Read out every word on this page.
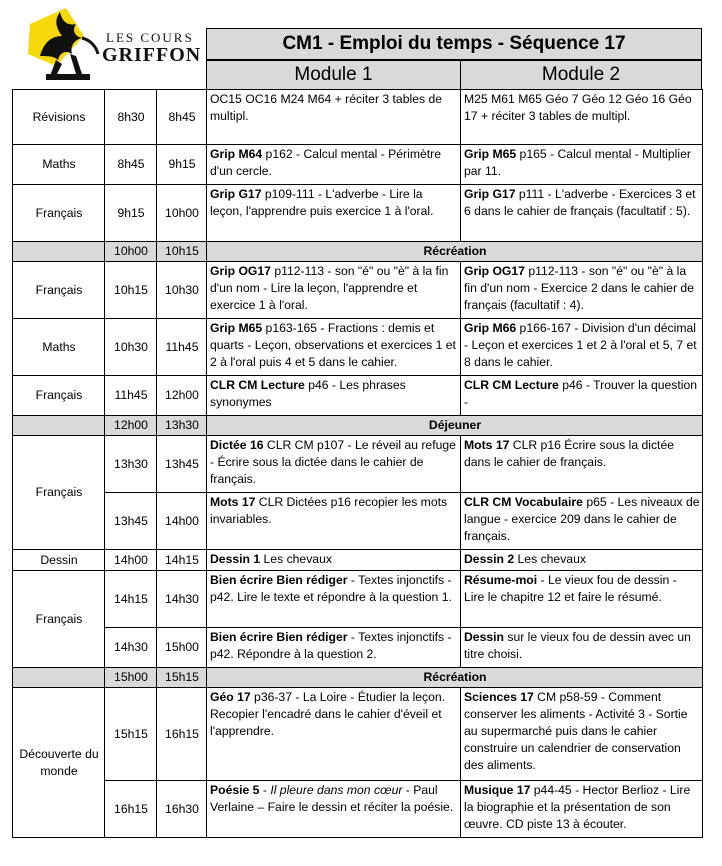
LES COURS
GRIFFON
CM1 - Emploi du temps - Séquence 17
Module 1	Module 2
Révisions	8h30	8h45	OC15 OC16 M24 M64 + réciter 3 tables de multipl.	M25 M61 M65 Géo 7 Géo 12 Géo 16 Géo 17 + réciter 3 tables de multipl.
Maths	8h45	9h15	Grip M64 p162 - Calcul mental - Périmètre d'un cercle.	Grip M65 p165 - Calcul mental - Multiplier par 11.
Français	9h15	10h00	Grip G17 p109-111 - L'adverbe - Lire la leçon, l'apprendre puis exercice 1 à l'oral.	Grip G17 p111 - L'adverbe - Exercices 3 et 6 dans le cahier de français (facultatif : 5).
	10h00	10h15	Récréation	
Français	10h15	10h30	Grip OG17 p112-113 - son "é" ou "è" à la fin d'un nom - Lire la leçon, l'apprendre et exercice 1 à l'oral.	Grip OG17 p112-113 - son "é" ou "è" à la fin d'un nom - Exercice 2 dans le cahier de français (facultatif : 4).
Maths	10h30	11h45	Grip M65 p163-165 - Fractions : demis et quarts - Leçon, observations et exercices 1 et 2 à l'oral puis 4 et 5 dans le cahier.	Grip M66 p166-167 - Division d'un décimal - Leçon et exercices 1 et 2 à l'oral et 5, 7 et 8 dans le cahier.
Français	11h45	12h00	CLR CM Lecture p46 - Les phrases synonymes	CLR CM Lecture p46 - Trouver la question -
	12h00	13h30	Déjeuner	
Français	13h30	13h45	Dictée 16 CLR CM p107 - Le réveil au refuge - Écrire sous la dictée dans le cahier de français.	Mots 17 CLR p16 Écrire sous la dictée dans le cahier de français.
	13h45	14h00	Mots 17 CLR Dictées p16 recopier les mots invariables.	CLR CM Vocabulaire p65 - Les niveaux de langue - exercice 209 dans le cahier de français.
Dessin	14h00	14h15	Dessin 1 Les chevaux	Dessin 2 Les chevaux
Français	14h15	14h30	Bien écrire Bien rédiger - Textes injonctifs - p42. Lire le texte et répondre à la question 1.	Résume-moi - Le vieux fou de dessin - Lire le chapitre 12 et faire le résumé.
	14h30	15h00	Bien écrire Bien rédiger - Textes injonctifs - p42. Répondre à la question 2.	Dessin sur le vieux fou de dessin avec un titre choisi.
	15h00	15h15	Récréation	
Découverte du monde	15h15	16h15	Géo 17 p36-37 - La Loire - Étudier la leçon. Recopier l'encadré dans le cahier d'éveil et l'apprendre.	Sciences 17 CM p58-59 - Comment conserver les aliments - Activité 3 - Sortie au supermarché puis dans le cahier construire un calendrier de conservation des aliments.
	16h15	16h30	Poésie 5 - Il pleure dans mon cœur - Paul Verlaine – Faire le dessin et réciter la poésie.	Musique 17 p44-45 - Hector Berlioz - Lire la biographie et la présentation de son œuvre. CD piste 13 à écouter.
